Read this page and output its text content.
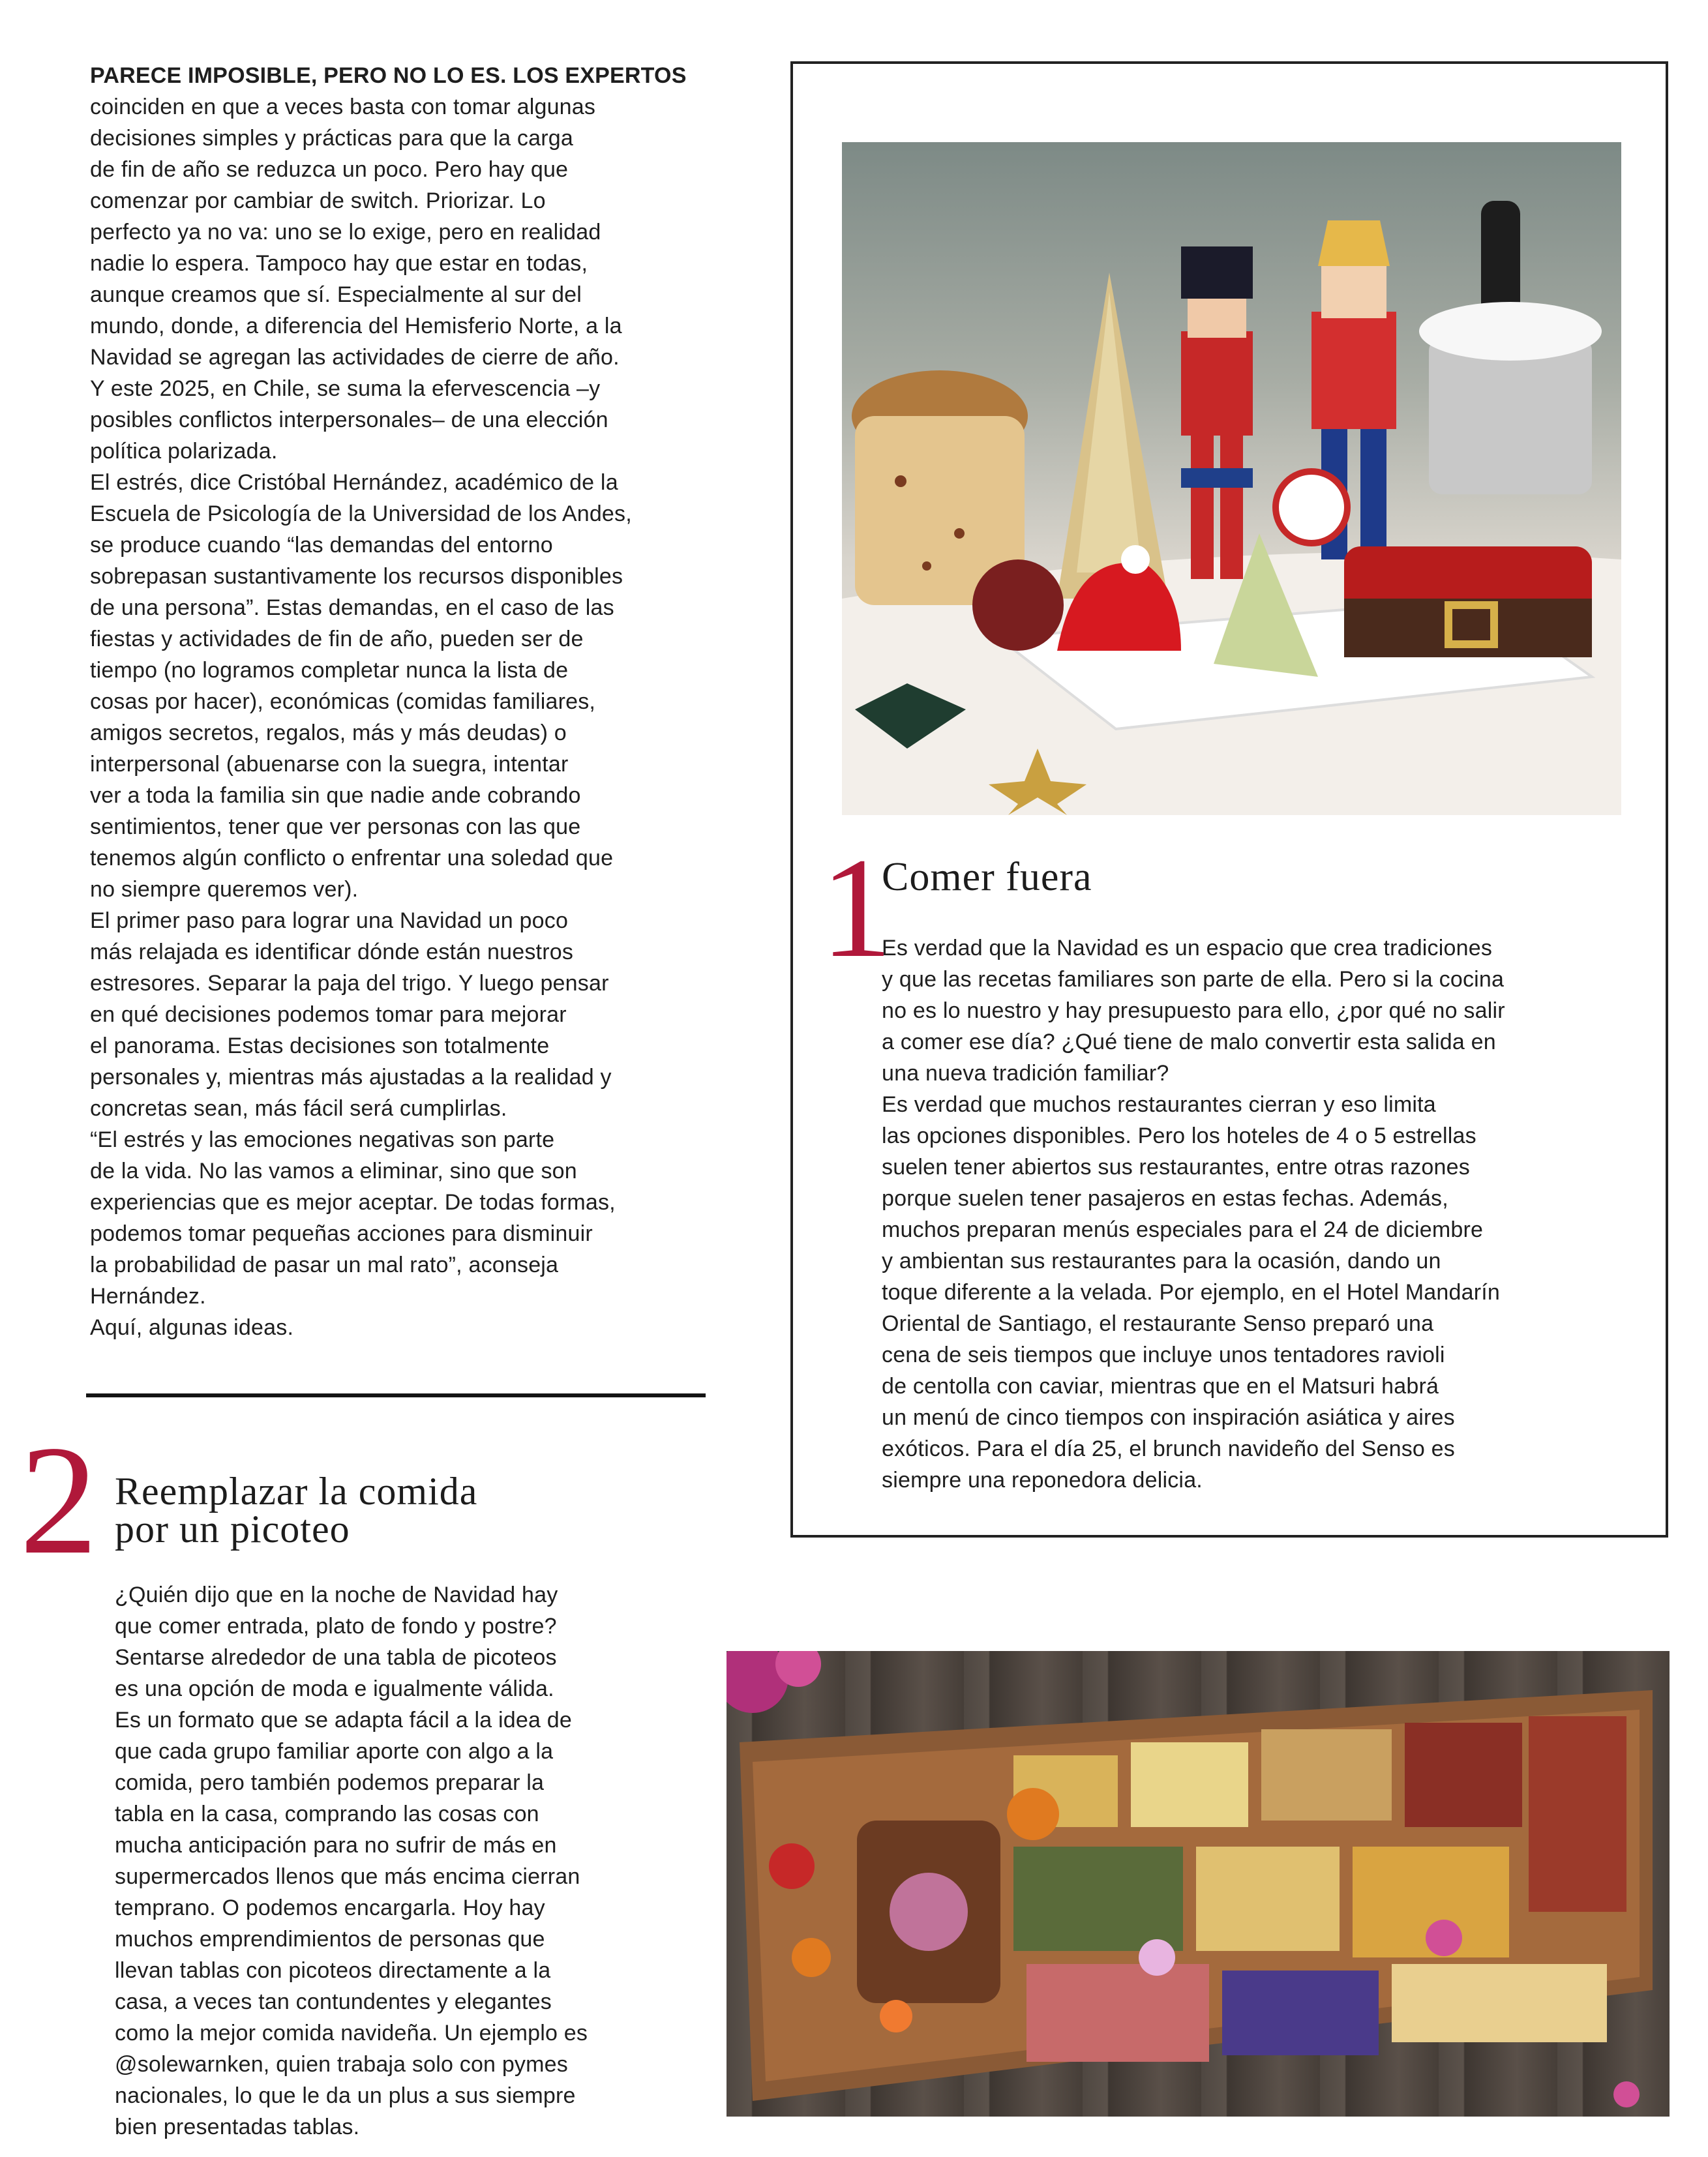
PARECE IMPOSIBLE, PERO NO LO ES. LOS EXPERTOS
coinciden en que a veces basta con tomar algunas
decisiones simples y prácticas para que la carga
de fin de año se reduzca un poco. Pero hay que
comenzar por cambiar de switch. Priorizar. Lo
perfecto ya no va: uno se lo exige, pero en realidad
nadie lo espera. Tampoco hay que estar en todas,
aunque creamos que sí. Especialmente al sur del
mundo, donde, a diferencia del Hemisferio Norte, a la
Navidad se agregan las actividades de cierre de año.
Y este 2025, en Chile, se suma la efervescencia –y
posibles conflictos interpersonales– de una elección
política polarizada.

El estrés, dice Cristóbal Hernández, académico de la
Escuela de Psicología de la Universidad de los Andes,
se produce cuando “las demandas del entorno
sobrepasan sustantivamente los recursos disponibles
de una persona”. Estas demandas, en el caso de las
fiestas y actividades de fin de año, pueden ser de
tiempo (no logramos completar nunca la lista de
cosas por hacer), económicas (comidas familiares,
amigos secretos, regalos, más y más deudas) o
interpersonal (abuenarse con la suegra, intentar
ver a toda la familia sin que nadie ande cobrando
sentimientos, tener que ver personas con las que
tenemos algún conflicto o enfrentar una soledad que
no siempre queremos ver).

El primer paso para lograr una Navidad un poco
más relajada es identificar dónde están nuestros
estresores. Separar la paja del trigo. Y luego pensar
en qué decisiones podemos tomar para mejorar
el panorama. Estas decisiones son totalmente
personales y, mientras más ajustadas a la realidad y
concretas sean, más fácil será cumplirlas.

“El estrés y las emociones negativas son parte
de la vida. No las vamos a eliminar, sino que son
experiencias que es mejor aceptar. De todas formas,
podemos tomar pequeñas acciones para disminuir
la probabilidad de pasar un mal rato”, aconseja
Hernández.

Aquí, algunas ideas.

1
Comer fuera

Es verdad que la Navidad es un espacio que crea tradiciones
y que las recetas familiares son parte de ella. Pero si la cocina
no es lo nuestro y hay presupuesto para ello, ¿por qué no salir
a comer ese día? ¿Qué tiene de malo convertir esta salida en
una nueva tradición familiar?

Es verdad que muchos restaurantes cierran y eso limita
las opciones disponibles. Pero los hoteles de 4 o 5 estrellas
suelen tener abiertos sus restaurantes, entre otras razones
porque suelen tener pasajeros en estas fechas. Además,
muchos preparan menús especiales para el 24 de diciembre
y ambientan sus restaurantes para la ocasión, dando un
toque diferente a la velada. Por ejemplo, en el Hotel Mandarín
Oriental de Santiago, el restaurante Senso preparó una
cena de seis tiempos que incluye unos tentadores ravioli
de centolla con caviar, mientras que en el Matsuri habrá
un menú de cinco tiempos con inspiración asiática y aires
exóticos. Para el día 25, el brunch navideño del Senso es
siempre una reponedora delicia.

2 Reemplazar la comida
por un picoteo

¿Quién dijo que en la noche de Navidad hay
que comer entrada, plato de fondo y postre?
Sentarse alrededor de una tabla de picoteos
es una opción de moda e igualmente válida.
Es un formato que se adapta fácil a la idea de
que cada grupo familiar aporte con algo a la
comida, pero también podemos preparar la
tabla en la casa, comprando las cosas con
mucha anticipación para no sufrir de más en
supermercados llenos que más encima cierran
temprano. O podemos encargarla. Hoy hay
muchos emprendimientos de personas que
llevan tablas con picoteos directamente a la
casa, a veces tan contundentes y elegantes
como la mejor comida navideña. Un ejemplo es
@solewarnken, quien trabaja solo con pymes
nacionales, lo que le da un plus a sus siempre
bien presentadas tablas.
